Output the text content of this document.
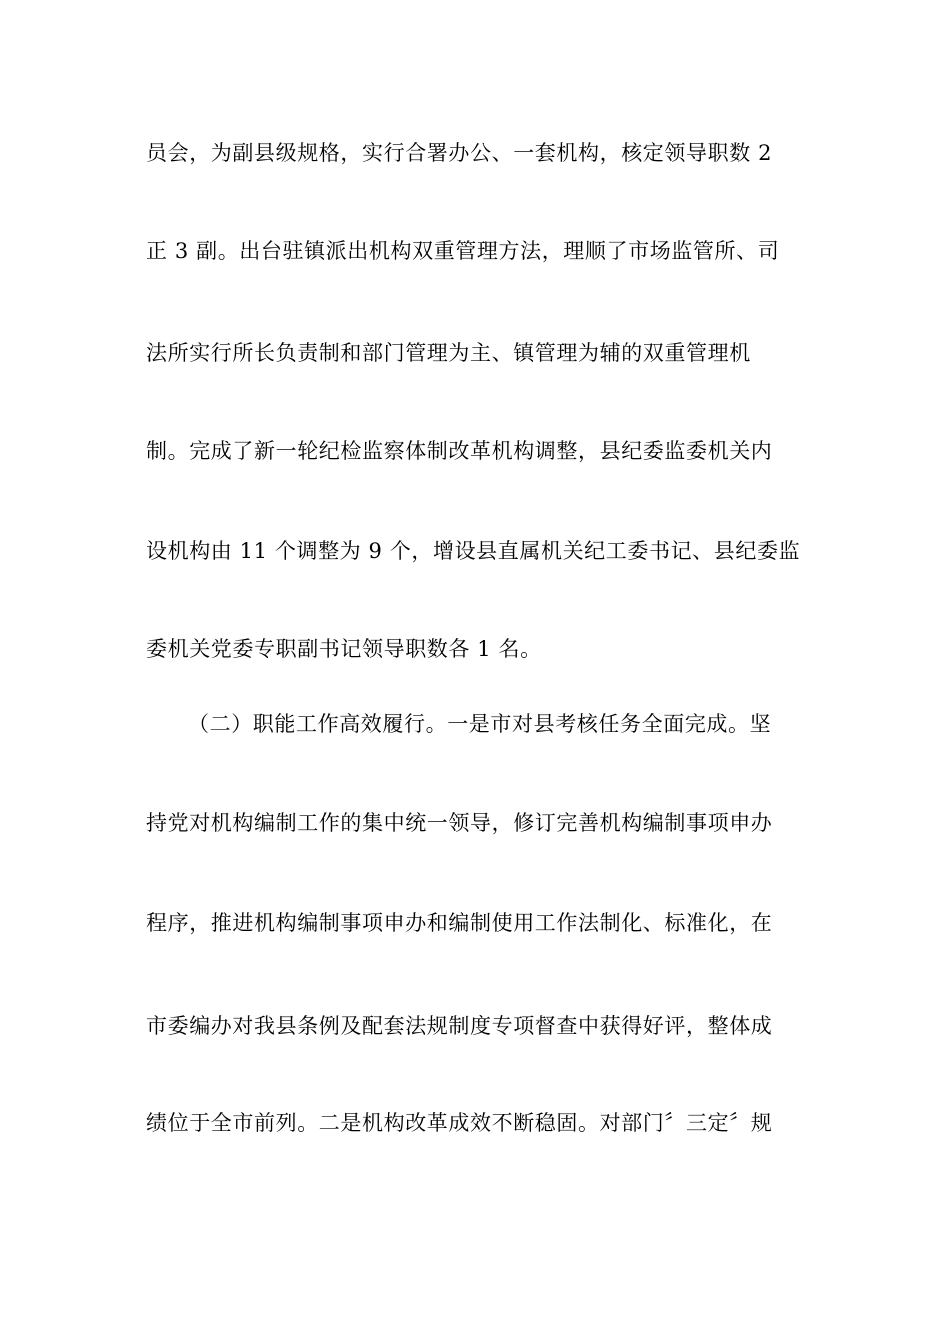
员会，为副县级规格，实行合署办公、一套机构，核定领导职数 2
正 3 副。出台驻镇派出机构双重管理方法，理顺了市场监管所、司
法所实行所长负责制和部门管理为主、镇管理为辅的双重管理机
制。完成了新一轮纪检监察体制改革机构调整，县纪委监委机关内
设机构由 11 个调整为 9 个，增设县直属机关纪工委书记、县纪委监
委机关党委专职副书记领导职数各 1 名。
（二）职能工作高效履行。一是市对县考核任务全面完成。坚
持党对机构编制工作的集中统一领导，修订完善机构编制事项申办
程序，推进机构编制事项申办和编制使用工作法制化、标准化，在
市委编办对我县条例及配套法规制度专项督查中获得好评，整体成
绩位于全市前列。二是机构改革成效不断稳固。对部门〞三定〞规
